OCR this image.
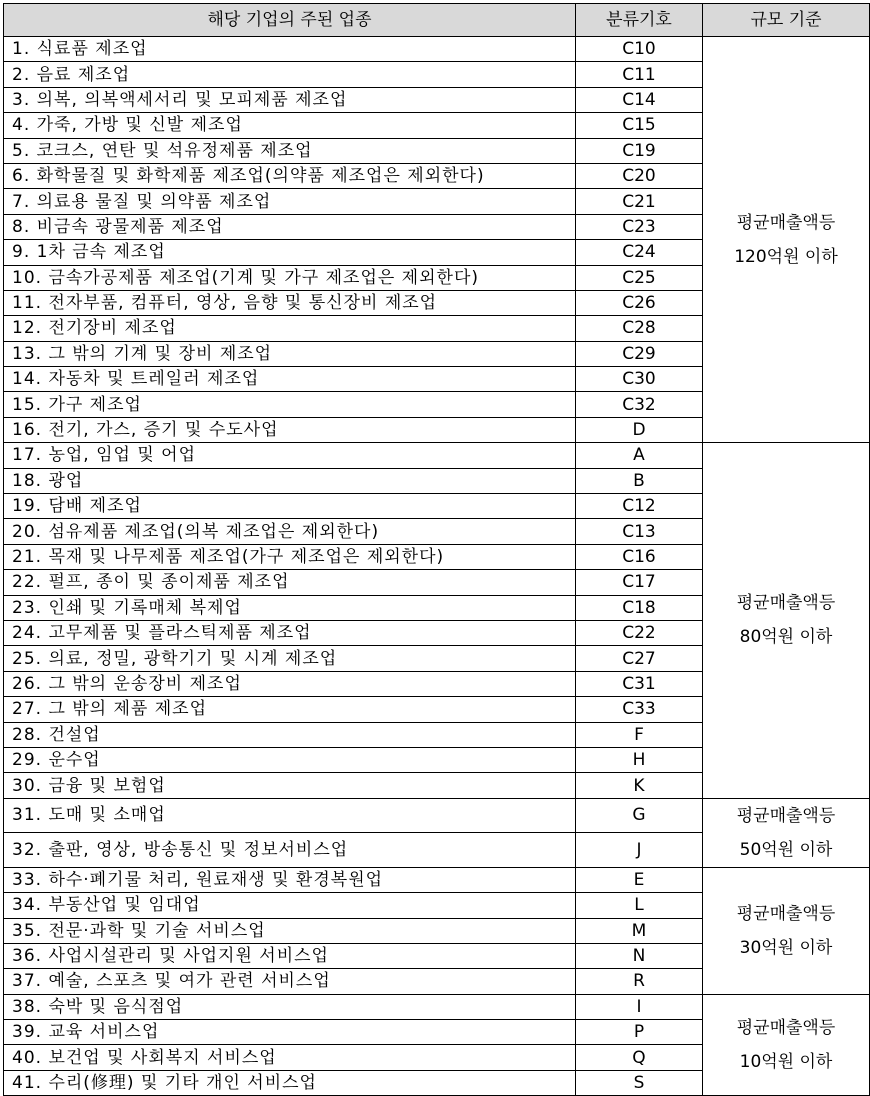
해당 기업의 주된 업종	분류기호	규모 기준
1. 식료품 제조업	C10	평균매출액등
120억원 이하

2. 음료 제조업	C11	
3. 의복, 의복액세서리 및 모피제품 제조업	C14	
4. 가죽, 가방 및 신발 제조업	C15	
5. 코크스, 연탄 및 석유정제품 제조업	C19	
6. 화학물질 및 화학제품 제조업(의약품 제조업은 제외한다)	C20	
7. 의료용 물질 및 의약품 제조업	C21	
8. 비금속 광물제품 제조업	C23	
9. 1차 금속 제조업	C24	
10. 금속가공제품 제조업(기계 및 가구 제조업은 제외한다)	C25	
11. 전자부품, 컴퓨터, 영상, 음향 및 통신장비 제조업	C26	
12. 전기장비 제조업	C28	
13. 그 밖의 기계 및 장비 제조업	C29	
14. 자동차 및 트레일러 제조업	C30	
15. 가구 제조업	C32	
16. 전기, 가스, 증기 및 수도사업	D	
17. 농업, 임업 및 어업	A	평균매출액등
80억원 이하

18. 광업	B	
19. 담배 제조업	C12	
20. 섬유제품 제조업(의복 제조업은 제외한다)	C13	
21. 목재 및 나무제품 제조업(가구 제조업은 제외한다)	C16	
22. 펄프, 종이 및 종이제품 제조업	C17	
23. 인쇄 및 기록매체 복제업	C18	
24. 고무제품 및 플라스틱제품 제조업	C22	
25. 의료, 정밀, 광학기기 및 시계 제조업	C27	
26. 그 밖의 운송장비 제조업	C31	
27. 그 밖의 제품 제조업	C33	
28. 건설업	F	
29. 운수업	H	
30. 금융 및 보험업	K	
31. 도매 및 소매업	G	평균매출액등
50억원 이하

32. 출판, 영상, 방송통신 및 정보서비스업	J	
33. 하수·폐기물 처리, 원료재생 및 환경복원업	E	평균매출액등
30억원 이하

34. 부동산업 및 임대업	L	
35. 전문·과학 및 기술 서비스업	M	
36. 사업시설관리 및 사업지원 서비스업	N	
37. 예술, 스포츠 및 여가 관련 서비스업	R	
38. 숙박 및 음식점업	I	평균매출액등
10억원 이하

39. 교육 서비스업	P	
40. 보건업 및 사회복지 서비스업	Q	
41. 수리(修理) 및 기타 개인 서비스업	S	
